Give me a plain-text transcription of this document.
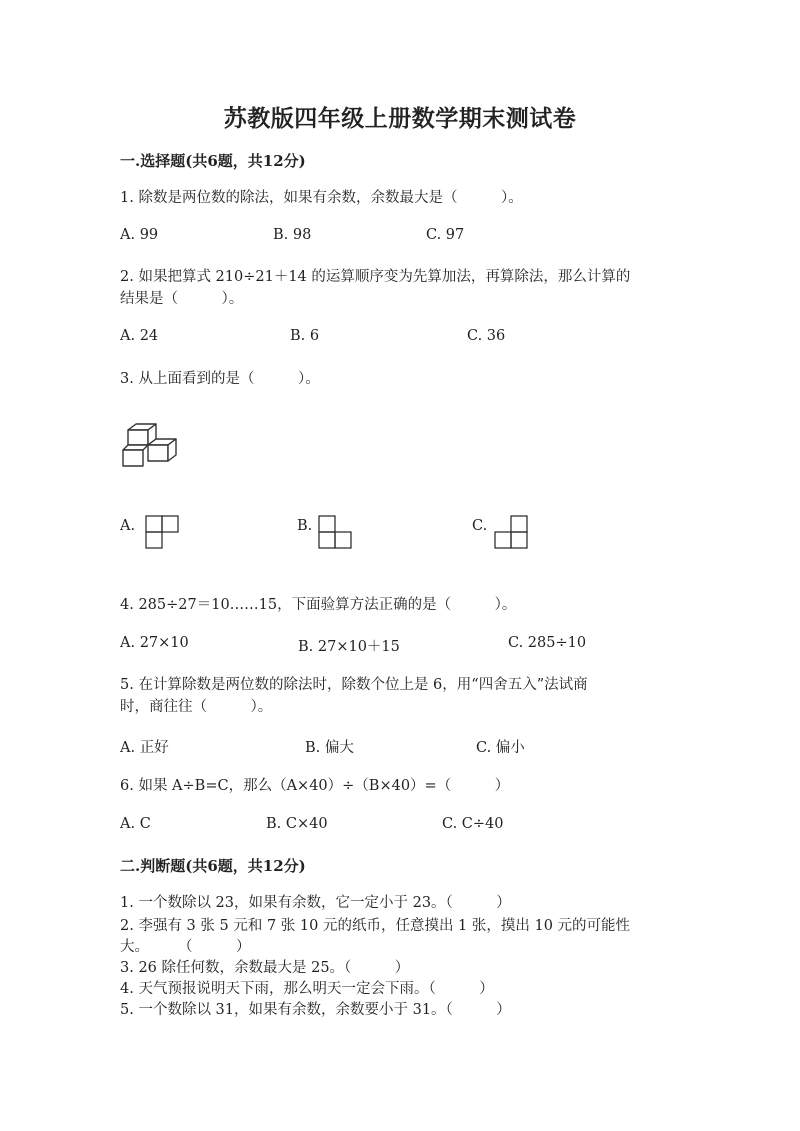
苏教版四年级上册数学期末测试卷
一.选择题(共6题，共12分)
1. 除数是两位数的除法，如果有余数，余数最大是（　　　）。
A. 99	B. 98	C. 97
2. 如果把算式 210÷21＋14 的运算顺序变为先算加法，再算除法，那么计算的
结果是（　　　）。
A. 24	B. 6	C. 36
3. 从上面看到的是（　　　）。
A.	B.	C.
4. 285÷27＝10……15，下面验算方法正确的是（　　　）。
A. 27×10	B. 27×10＋15	C. 285÷10
5. 在计算除数是两位数的除法时，除数个位上是 6，用“四舍五入”法试商
时，商往往（　　　）。
A. 正好	B. 偏大	C. 偏小
6. 如果 A÷B=C，那么（A×40）÷（B×40）=（　　　）
A. C	B. C×40	C. C÷40
二.判断题(共6题，共12分)
1. 一个数除以 23，如果有余数，它一定小于 23。（　　　）
2. 李强有 3 张 5 元和 7 张 10 元的纸币，任意摸出 1 张，摸出 10 元的可能性
大。　　　（　　　）
3. 26 除任何数，余数最大是 25。（　　　）
4. 天气预报说明天下雨，那么明天一定会下雨。（　　　）
5. 一个数除以 31，如果有余数，余数要小于 31。（　　　）
